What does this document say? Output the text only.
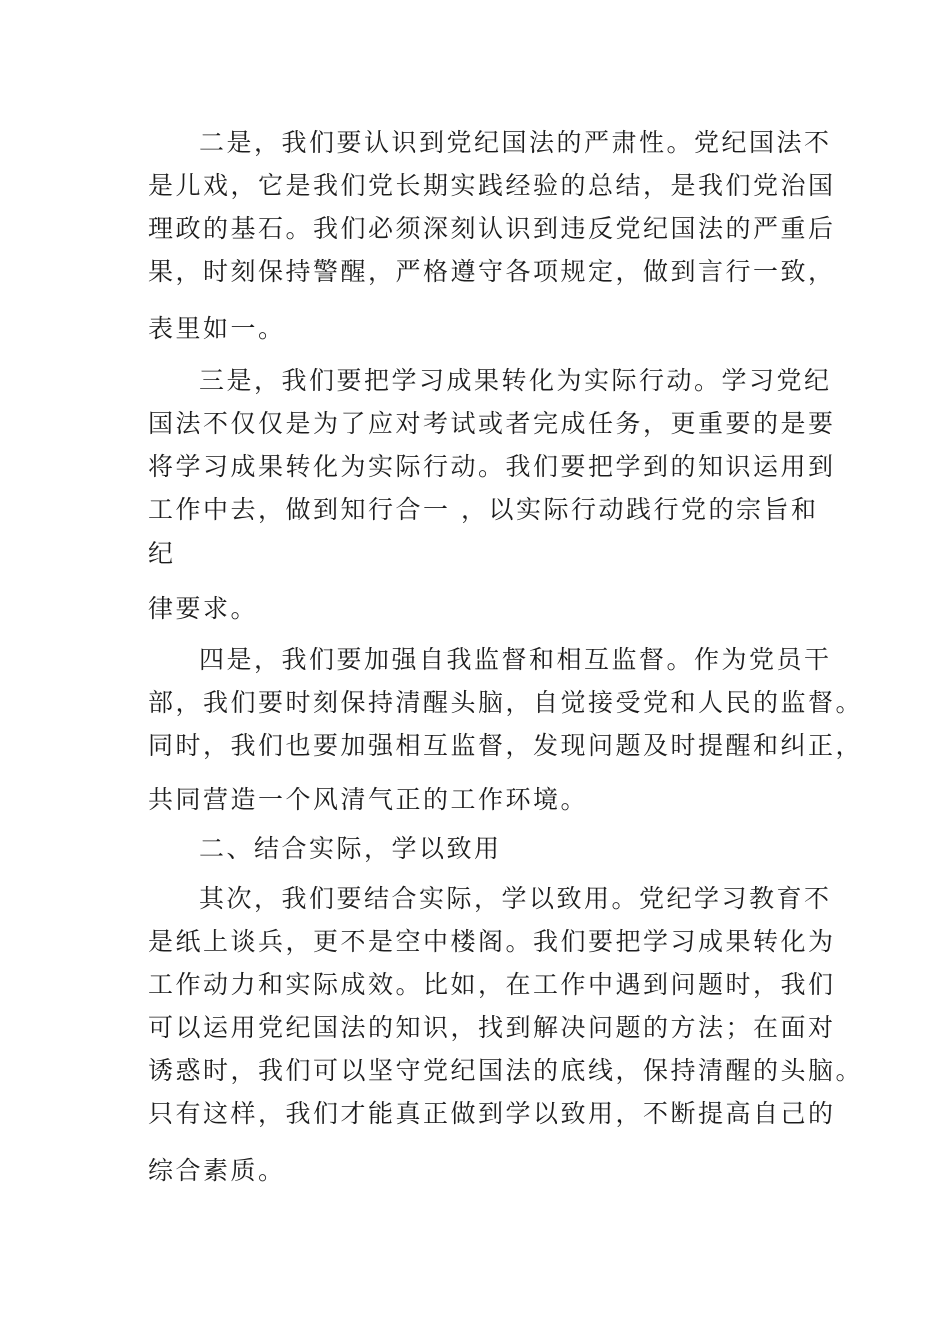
二是，我们要认识到党纪国法的严肃性。党纪国法不

是儿戏，它是我们党长期实践经验的总结，是我们党治国

理政的基石。我们必须深刻认识到违反党纪国法的严重后

果，时刻保持警醒，严格遵守各项规定，做到言行一致，

表里如一。

三是，我们要把学习成果转化为实际行动。学习党纪

国法不仅仅是为了应对考试或者完成任务，更重要的是要

将学习成果转化为实际行动。我们要把学到的知识运用到

工作中去，做到知行合一 ，以实际行动践行党的宗旨和

纪

律要求。

四是，我们要加强自我监督和相互监督。作为党员干

部，我们要时刻保持清醒头脑，自觉接受党和人民的监督。

同时，我们也要加强相互监督，发现问题及时提醒和纠正，

共同营造一个风清气正的工作环境。

二、结合实际，学以致用

其次，我们要结合实际，学以致用。党纪学习教育不

是纸上谈兵，更不是空中楼阁。我们要把学习成果转化为

工作动力和实际成效。比如，在工作中遇到问题时，我们

可以运用党纪国法的知识，找到解决问题的方法；在面对

诱惑时，我们可以坚守党纪国法的底线，保持清醒的头脑。

只有这样，我们才能真正做到学以致用，不断提高自己的

综合素质。
